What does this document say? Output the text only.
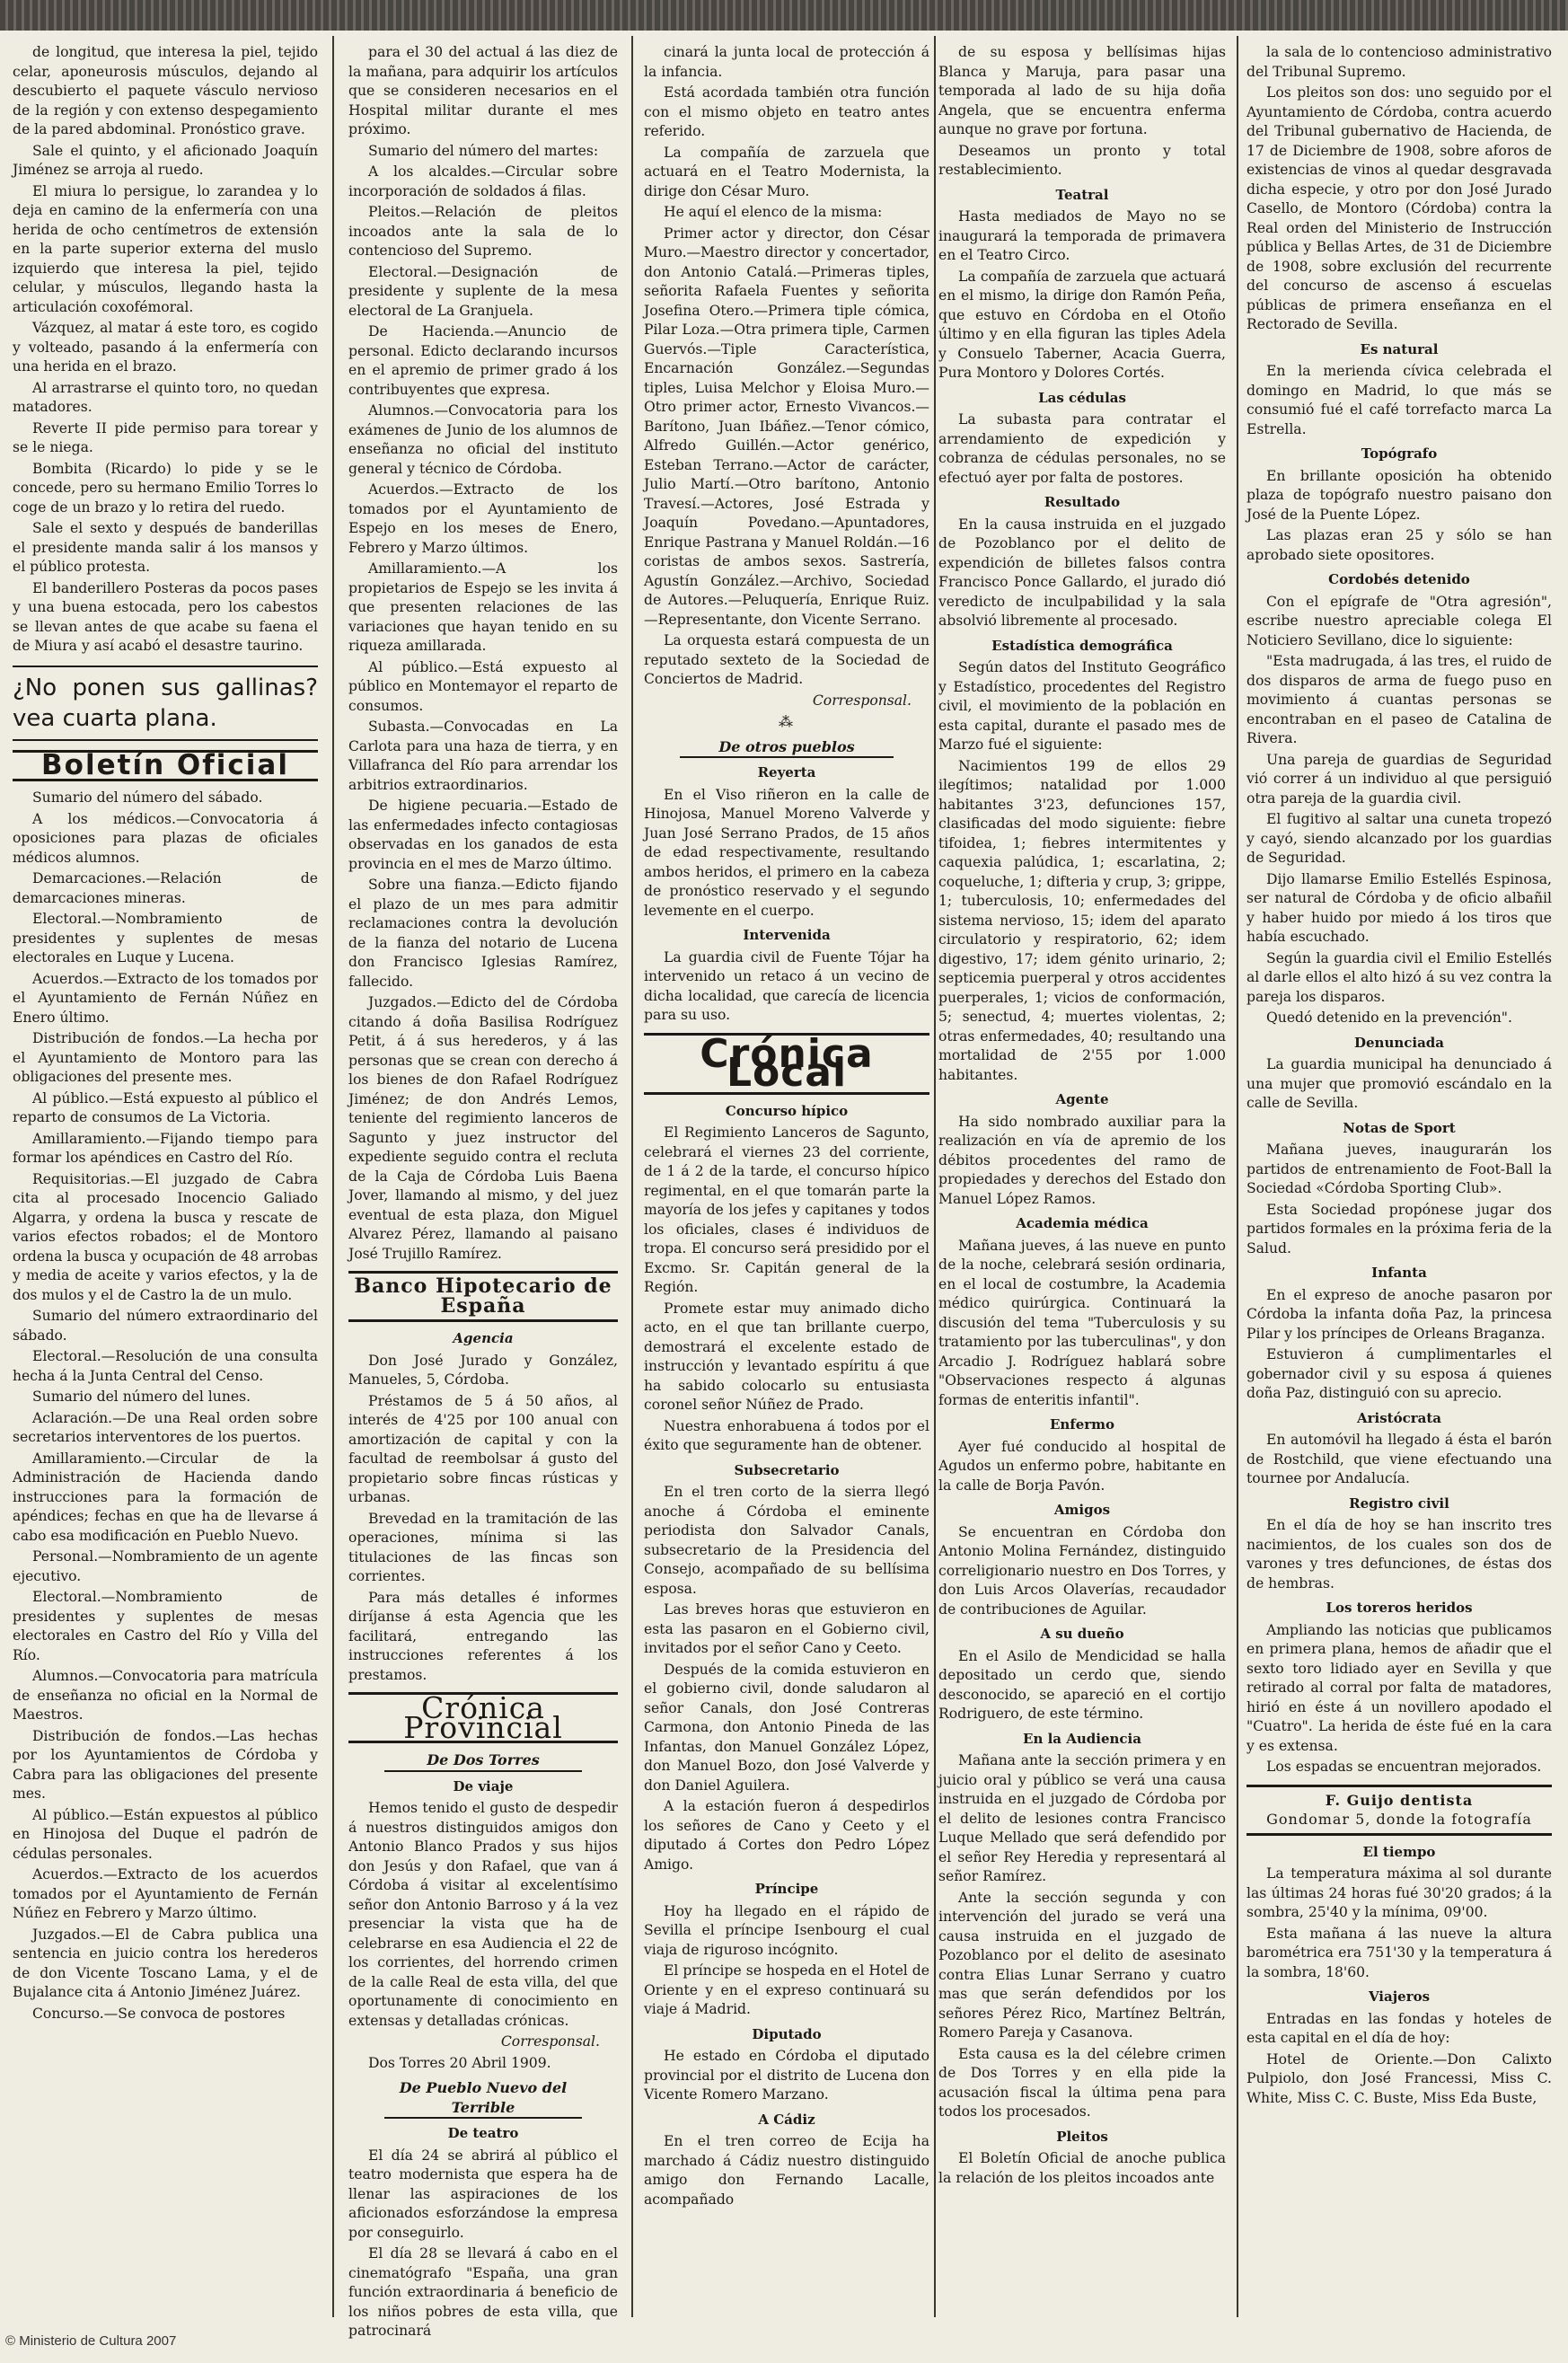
de longitud, que interesa la piel, tejido celar, aponeurosis músculos, dejando al descubierto el paquete vásculo nervioso de la región y con extenso despegamiento de la pared abdominal. Pronóstico grave.

Sale el quinto, y el aficionado Joaquín Jiménez se arroja al ruedo.

El miura lo persigue, lo zarandea y lo deja en camino de la enfermería con una herida de ocho centímetros de extensión en la parte superior externa del muslo izquierdo que interesa la piel, tejido celular, y músculos, llegando hasta la articulación coxofémoral.

Vázquez, al matar á este toro, es cogido y volteado, pasando á la enfermería con una herida en el brazo.

Al arrastrarse el quinto toro, no quedan matadores.

Reverte II pide permiso para torear y se le niega.

Bombita (Ricardo) lo pide y se le concede, pero su hermano Emilio Torres lo coge de un brazo y lo retira del ruedo.

Sale el sexto y después de banderillas el presidente manda salir á los mansos y el público protesta.

El banderillero Posteras da pocos pases y una buena estocada, pero los cabestos se llevan antes de que acabe su faena el de Miura y así acabó el desastre taurino.

¿No ponen sus gallinas? vea cuarta plana.
Boletín Oficial

Sumario del número del sábado.

A los médicos.—Convocatoria á oposiciones para plazas de oficiales médicos alumnos.

Demarcaciones.—Relación de demarcaciones mineras.

Electoral.—Nombramiento de presidentes y suplentes de mesas electorales en Luque y Lucena.

Acuerdos.—Extracto de los tomados por el Ayuntamiento de Fernán Núñez en Enero último.

Distribución de fondos.—La hecha por el Ayuntamiento de Montoro para las obligaciones del presente mes.

Al público.—Está expuesto al público el reparto de consumos de La Victoria.

Amillaramiento.—Fijando tiempo para formar los apéndices en Castro del Río.

Requisitorias.—El juzgado de Cabra cita al procesado Inocencio Galiado Algarra, y ordena la busca y rescate de varios efectos robados; el de Montoro ordena la busca y ocupación de 48 arrobas y media de aceite y varios efectos, y la de dos mulos y el de Castro la de un mulo.

Sumario del número extraordinario del sábado.

Electoral.—Resolución de una consulta hecha á la Junta Central del Censo.

Sumario del número del lunes.

Aclaración.—De una Real orden sobre secretarios interventores de los puertos.

Amillaramiento.—Circular de la Administración de Hacienda dando instrucciones para la formación de apéndices; fechas en que ha de llevarse á cabo esa modificación en Pueblo Nuevo.

Personal.—Nombramiento de un agente ejecutivo.

Electoral.—Nombramiento de presidentes y suplentes de mesas electorales en Castro del Río y Villa del Río.

Alumnos.—Convocatoria para matrícula de enseñanza no oficial en la Normal de Maestros.

Distribución de fondos.—Las hechas por los Ayuntamientos de Córdoba y Cabra para las obligaciones del presente mes.

Al público.—Están expuestos al público en Hinojosa del Duque el padrón de cédulas personales.

Acuerdos.—Extracto de los acuerdos tomados por el Ayuntamiento de Fernán Núñez en Febrero y Marzo último.

Juzgados.—El de Cabra publica una sentencia en juicio contra los herederos de don Vicente Toscano Lama, y el de Bujalance cita á Antonio Jiménez Juárez.

Concurso.—Se convoca de postores

para el 30 del actual á las diez de la mañana, para adquirir los artículos que se consideren necesarios en el Hospital militar durante el mes próximo.

Sumario del número del martes:

A los alcaldes.—Circular sobre incorporación de soldados á filas.

Pleitos.—Relación de pleitos incoados ante la sala de lo contencioso del Supremo.

Electoral.—Designación de presidente y suplente de la mesa electoral de La Granjuela.

De Hacienda.—Anuncio de personal. Edicto declarando incursos en el apremio de primer grado á los contribuyentes que expresa.

Alumnos.—Convocatoria para los exámenes de Junio de los alumnos de enseñanza no oficial del instituto general y técnico de Córdoba.

Acuerdos.—Extracto de los tomados por el Ayuntamiento de Espejo en los meses de Enero, Febrero y Marzo últimos.

Amillaramiento.—A los propietarios de Espejo se les invita á que presenten relaciones de las variaciones que hayan tenido en su riqueza amillarada.

Al público.—Está expuesto al público en Montemayor el reparto de consumos.

Subasta.—Convocadas en La Carlota para una haza de tierra, y en Villafranca del Río para arrendar los arbitrios extraordinarios.

De higiene pecuaria.—Estado de las enfermedades infecto contagiosas observadas en los ganados de esta provincia en el mes de Marzo último.

Sobre una fianza.—Edicto fijando el plazo de un mes para admitir reclamaciones contra la devolución de la fianza del notario de Lucena don Francisco Iglesias Ramírez, fallecido.

Juzgados.—Edicto del de Córdoba citando á doña Basilisa Rodríguez Petit, á á sus herederos, y á las personas que se crean con derecho á los bienes de don Rafael Rodríguez Jiménez; de don Andrés Lemos, teniente del regimiento lanceros de Sagunto y juez instructor del expediente seguido contra el recluta de la Caja de Córdoba Luis Baena Jover, llamando al mismo, y del juez eventual de esta plaza, don Miguel Alvarez Pérez, llamando al paisano José Trujillo Ramírez.

Banco Hipotecario de España
Agencia

Don José Jurado y González, Manueles, 5, Córdoba.

Préstamos de 5 á 50 años, al interés de 4'25 por 100 anual con amortización de capital y con la facultad de reembolsar á gusto del propietario sobre fincas rústicas y urbanas.

Brevedad en la tramitación de las operaciones, mínima si las titulaciones de las fincas son corrientes.

Para más detalles é informes diríjanse á esta Agencia que les facilitará, entregando las instrucciones referentes á los prestamos.

Crónica Provincial
De Dos Torres
De viaje

Hemos tenido el gusto de despedir á nuestros distinguidos amigos don Antonio Blanco Prados y sus hijos don Jesús y don Rafael, que van á Córdoba á visitar al excelentísimo señor don Antonio Barroso y á la vez presenciar la vista que ha de celebrarse en esa Audiencia el 22 de los corrientes, del horrendo crimen de la calle Real de esta villa, del que oportunamente di conocimiento en extensas y detalladas crónicas.

Corresponsal.

Dos Torres 20 Abril 1909.

De Pueblo Nuevo del Terrible
De teatro

El día 24 se abrirá al público el teatro modernista que espera ha de llenar las aspiraciones de los aficionados esforzándose la empresa por conseguirlo.

El día 28 se llevará á cabo en el cinematógrafo "España, una gran función extraordinaria á beneficio de los niños pobres de esta villa, que patrocinará

cinará la junta local de protección á la infancia.

Está acordada también otra función con el mismo objeto en teatro antes referido.

La compañía de zarzuela que actuará en el Teatro Modernista, la dirige don César Muro.

He aquí el elenco de la misma:

Primer actor y director, don César Muro.—Maestro director y concertador, don Antonio Catalá.—Primeras tiples, señorita Rafaela Fuentes y señorita Josefina Otero.—Primera tiple cómica, Pilar Loza.—Otra primera tiple, Carmen Guervós.—Tiple Característica, Encarnación González.—Segundas tiples, Luisa Melchor y Eloisa Muro.—Otro primer actor, Ernesto Vivancos.—Barítono, Juan Ibáñez.—Tenor cómico, Alfredo Guillén.—Actor genérico, Esteban Terrano.—Actor de carácter, Julio Martí.—Otro barítono, Antonio Travesí.—Actores, José Estrada y Joaquín Povedano.—Apuntadores, Enrique Pastrana y Manuel Roldán.—16 coristas de ambos sexos. Sastrería, Agustín González.—Archivo, Sociedad de Autores.—Peluquería, Enrique Ruiz.—Representante, don Vicente Serrano.

La orquesta estará compuesta de un reputado sexteto de la Sociedad de Conciertos de Madrid.

Corresponsal.

⁂
De otros pueblos
Reyerta

En el Viso riñeron en la calle de Hinojosa, Manuel Moreno Valverde y Juan José Serrano Prados, de 15 años de edad respectivamente, resultando ambos heridos, el primero en la cabeza de pronóstico reservado y el segundo levemente en el cuerpo.

Intervenida

La guardia civil de Fuente Tójar ha intervenido un retaco á un vecino de dicha localidad, que carecía de licencia para su uso.

Crónica Local
Concurso hípico

El Regimiento Lanceros de Sagunto, celebrará el viernes 23 del corriente, de 1 á 2 de la tarde, el concurso hípico regimental, en el que tomarán parte la mayoría de los jefes y capitanes y todos los oficiales, clases é individuos de tropa. El concurso será presidido por el Excmo. Sr. Capitán general de la Región.

Promete estar muy animado dicho acto, en el que tan brillante cuerpo, demostrará el excelente estado de instrucción y levantado espíritu á que ha sabido colocarlo su entusiasta coronel señor Núñez de Prado.

Nuestra enhorabuena á todos por el éxito que seguramente han de obtener.

Subsecretario

En el tren corto de la sierra llegó anoche á Córdoba el eminente periodista don Salvador Canals, subsecretario de la Presidencia del Consejo, acompañado de su bellísima esposa.

Las breves horas que estuvieron en esta las pasaron en el Gobierno civil, invitados por el señor Cano y Ceeto.

Después de la comida estuvieron en el gobierno civil, donde saludaron al señor Canals, don José Contreras Carmona, don Antonio Pineda de las Infantas, don Manuel González López, don Manuel Bozo, don José Valverde y don Daniel Aguilera.

A la estación fueron á despedirlos los señores de Cano y Ceeto y el diputado á Cortes don Pedro López Amigo.

Príncipe

Hoy ha llegado en el rápido de Sevilla el príncipe Isenbourg el cual viaja de riguroso incógnito.

El príncipe se hospeda en el Hotel de Oriente y en el expreso continuará su viaje á Madrid.

Diputado

He estado en Córdoba el diputado provincial por el distrito de Lucena don Vicente Romero Marzano.

A Cádiz

En el tren correo de Ecija ha marchado á Cádiz nuestro distinguido amigo don Fernando Lacalle, acompañado

de su esposa y bellísimas hijas Blanca y Maruja, para pasar una temporada al lado de su hija doña Angela, que se encuentra enferma aunque no grave por fortuna.

Deseamos un pronto y total restablecimiento.

Teatral

Hasta mediados de Mayo no se inaugurará la temporada de primavera en el Teatro Circo.

La compañía de zarzuela que actuará en el mismo, la dirige don Ramón Peña, que estuvo en Córdoba en el Otoño último y en ella figuran las tiples Adela y Consuelo Taberner, Acacia Guerra, Pura Montoro y Dolores Cortés.

Las cédulas

La subasta para contratar el arrendamiento de expedición y cobranza de cédulas personales, no se efectuó ayer por falta de postores.

Resultado

En la causa instruida en el juzgado de Pozoblanco por el delito de expendición de billetes falsos contra Francisco Ponce Gallardo, el jurado dió veredicto de inculpabilidad y la sala absolvió libremente al procesado.

Estadística demográfica

Según datos del Instituto Geográfico y Estadístico, procedentes del Registro civil, el movimiento de la población en esta capital, durante el pasado mes de Marzo fué el siguiente:

Nacimientos 199 de ellos 29 ilegítimos; natalidad por 1.000 habitantes 3'23, defunciones 157, clasificadas del modo siguiente: fiebre tifoidea, 1; fiebres intermitentes y caquexia palúdica, 1; escarlatina, 2; coqueluche, 1; difteria y crup, 3; grippe, 1; tuberculosis, 10; enfermedades del sistema nervioso, 15; idem del aparato circulatorio y respiratorio, 62; idem digestivo, 17; idem génito urinario, 2; septicemia puerperal y otros accidentes puerperales, 1; vicios de conformación, 5; senectud, 4; muertes violentas, 2; otras enfermedades, 40; resultando una mortalidad de 2'55 por 1.000 habitantes.

Agente

Ha sido nombrado auxiliar para la realización en vía de apremio de los débitos procedentes del ramo de propiedades y derechos del Estado don Manuel López Ramos.

Academia médica

Mañana jueves, á las nueve en punto de la noche, celebrará sesión ordinaria, en el local de costumbre, la Academia médico quirúrgica. Continuará la discusión del tema "Tuberculosis y su tratamiento por las tuberculinas", y don Arcadio J. Rodríguez hablará sobre "Observaciones respecto á algunas formas de enteritis infantil".

Enfermo

Ayer fué conducido al hospital de Agudos un enfermo pobre, habitante en la calle de Borja Pavón.

Amigos

Se encuentran en Córdoba don Antonio Molina Fernández, distinguido correligionario nuestro en Dos Torres, y don Luis Arcos Olaverías, recaudador de contribuciones de Aguilar.

A su dueño

En el Asilo de Mendicidad se halla depositado un cerdo que, siendo desconocido, se apareció en el cortijo Rodriguero, de este término.

En la Audiencia

Mañana ante la sección primera y en juicio oral y público se verá una causa instruida en el juzgado de Córdoba por el delito de lesiones contra Francisco Luque Mellado que será defendido por el señor Rey Heredia y representará al señor Ramírez.

Ante la sección segunda y con intervención del jurado se verá una causa instruida en el juzgado de Pozoblanco por el delito de asesinato contra Elias Lunar Serrano y cuatro mas que serán defendidos por los señores Pérez Rico, Martínez Beltrán, Romero Pareja y Casanova.

Esta causa es la del célebre crimen de Dos Torres y en ella pide la acusación fiscal la última pena para todos los procesados.

Pleitos

El Boletín Oficial de anoche publica la relación de los pleitos incoados ante

la sala de lo contencioso administrativo del Tribunal Supremo.

Los pleitos son dos: uno seguido por el Ayuntamiento de Córdoba, contra acuerdo del Tribunal gubernativo de Hacienda, de 17 de Diciembre de 1908, sobre aforos de existencias de vinos al quedar desgravada dicha especie, y otro por don José Jurado Casello, de Montoro (Córdoba) contra la Real orden del Ministerio de Instrucción pública y Bellas Artes, de 31 de Diciembre de 1908, sobre exclusión del recurrente del concurso de ascenso á escuelas públicas de primera enseñanza en el Rectorado de Sevilla.

Es natural

En la merienda cívica celebrada el domingo en Madrid, lo que más se consumió fué el café torrefacto marca La Estrella.

Topógrafo

En brillante oposición ha obtenido plaza de topógrafo nuestro paisano don José de la Puente López.

Las plazas eran 25 y sólo se han aprobado siete opositores.

Cordobés detenido

Con el epígrafe de "Otra agresión", escribe nuestro apreciable colega El Noticiero Sevillano, dice lo siguiente:

"Esta madrugada, á las tres, el ruido de dos disparos de arma de fuego puso en movimiento á cuantas personas se encontraban en el paseo de Catalina de Rivera.

Una pareja de guardias de Seguridad vió correr á un individuo al que persiguió otra pareja de la guardia civil.

El fugitivo al saltar una cuneta tropezó y cayó, siendo alcanzado por los guardias de Seguridad.

Dijo llamarse Emilio Estellés Espinosa, ser natural de Córdoba y de oficio albañil y haber huido por miedo á los tiros que había escuchado.

Según la guardia civil el Emilio Estellés al darle ellos el alto hizó á su vez contra la pareja los disparos.

Quedó detenido en la prevención".

Denunciada

La guardia municipal ha denunciado á una mujer que promovió escándalo en la calle de Sevilla.

Notas de Sport

Mañana jueves, inaugurarán los partidos de entrenamiento de Foot-Ball la Sociedad «Córdoba Sporting Club».

Esta Sociedad propónese jugar dos partidos formales en la próxima feria de la Salud.

Infanta

En el expreso de anoche pasaron por Córdoba la infanta doña Paz, la princesa Pilar y los príncipes de Orleans Braganza.

Estuvieron á cumplimentarles el gobernador civil y su esposa á quienes doña Paz, distinguió con su aprecio.

Aristócrata

En automóvil ha llegado á ésta el barón de Rostchild, que viene efectuando una tournee por Andalucía.

Registro civil

En el día de hoy se han inscrito tres nacimientos, de los cuales son dos de varones y tres defunciones, de éstas dos de hembras.

Los toreros heridos

Ampliando las noticias que publicamos en primera plana, hemos de añadir que el sexto toro lidiado ayer en Sevilla y que retirado al corral por falta de matadores, hirió en éste á un novillero apodado el "Cuatro". La herida de éste fué en la cara y es extensa.

Los espadas se encuentran mejorados.

F. Guijo dentista
Gondomar 5, donde la fotografía
El tiempo

La temperatura máxima al sol durante las últimas 24 horas fué 30'20 grados; á la sombra, 25'40 y la mínima, 09'00.

Esta mañana á las nueve la altura barométrica era 751'30 y la temperatura á la sombra, 18'60.

Viajeros

Entradas en las fondas y hoteles de esta capital en el día de hoy:

Hotel de Oriente.—Don Calixto Pulpiolo, don José Francessi, Miss C. White, Miss C. C. Buste, Miss Eda Buste,

© Ministerio de Cultura 2007
